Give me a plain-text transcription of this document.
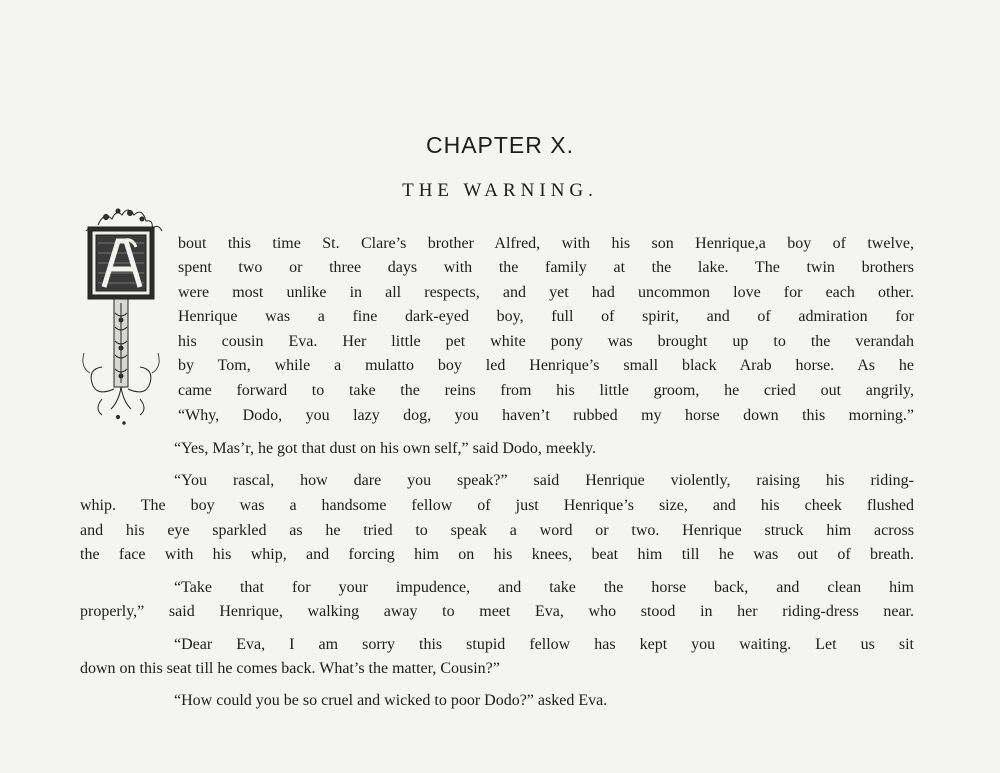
CHAPTER X.
THE WARNING.
bout this time St. Clare’s brother Alfred, with his son Henrique,a boy of twelve,
spent two or three days with the family at the lake. The twin brothers
were most unlike in all respects, and yet had uncommon love for each other.
Henrique was a fine dark-eyed boy, full of spirit, and of admiration for
his cousin Eva. Her little pet white pony was brought up to the verandah
by Tom, while a mulatto boy led Henrique’s small black Arab horse. As he
came forward to take the reins from his little groom, he cried out angrily,
“Why, Dodo, you lazy dog, you haven’t rubbed my horse down this morning.”
“Yes, Mas’r, he got that dust on his own self,” said Dodo, meekly.
“You rascal, how dare you speak?” said Henrique violently, raising his riding-
whip. The boy was a handsome fellow of just Henrique’s size, and his cheek flushed
and his eye sparkled as he tried to speak a word or two. Henrique struck him across
the face with his whip, and forcing him on his knees, beat him till he was out of breath.
“Take that for your impudence, and take the horse back, and clean him
properly,” said Henrique, walking away to meet Eva, who stood in her riding-dress near.
“Dear Eva, I am sorry this stupid fellow has kept you waiting. Let us sit
down on this seat till he comes back. What’s the matter, Cousin?”
“How could you be so cruel and wicked to poor Dodo?” asked Eva.
